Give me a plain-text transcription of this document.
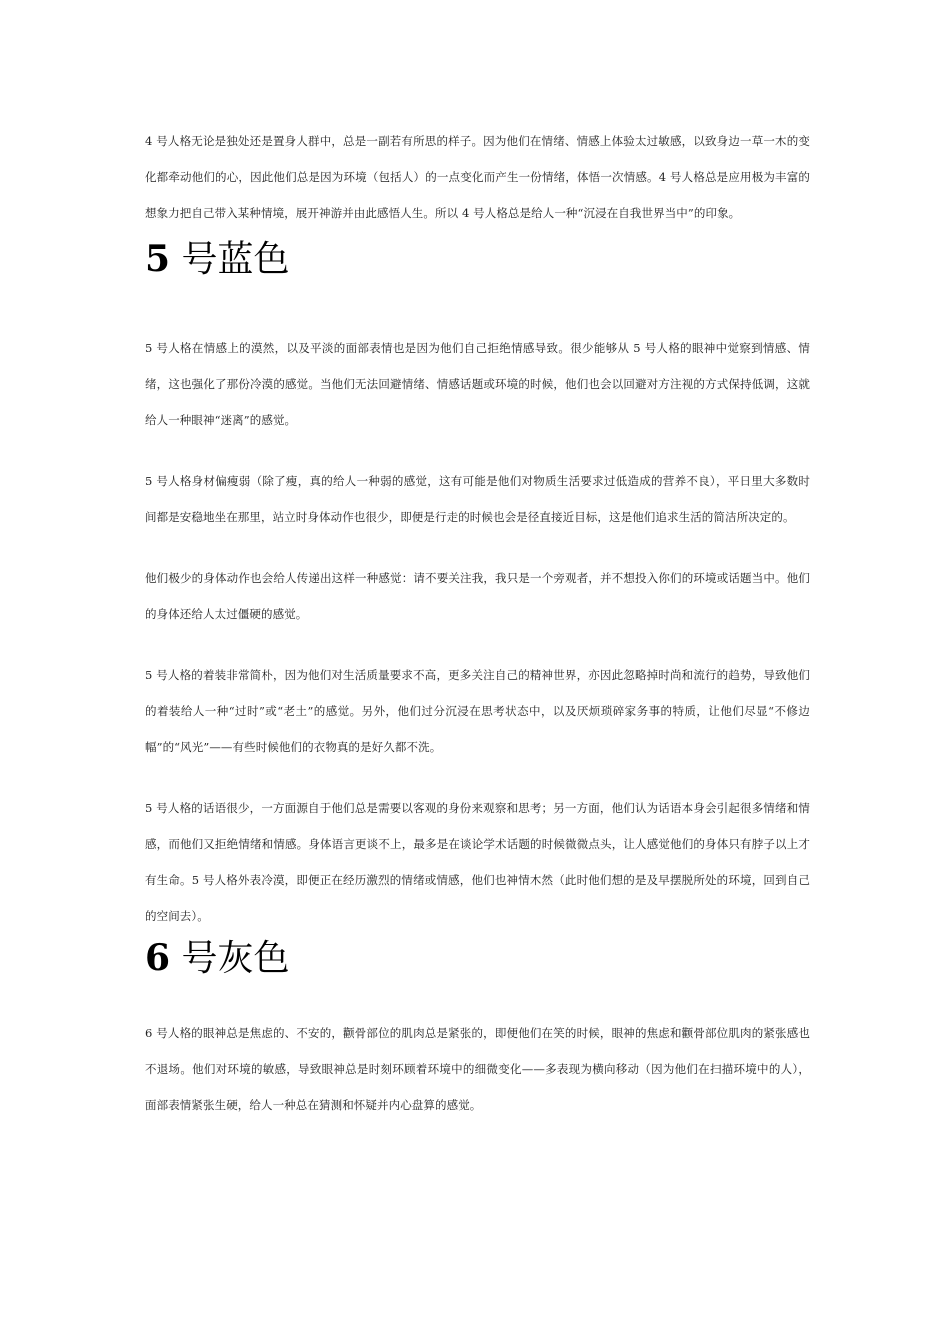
4 号人格无论是独处还是置身人群中，总是一副若有所思的样子。因为他们在情绪、情感上体验太过敏感，以致身边一草一木的变化都牵动他们的心，因此他们总是因为环境（包括人）的一点变化而产生一份情绪，体悟一次情感。4 号人格总是应用极为丰富的想象力把自己带入某种情境，展开神游并由此感悟人生。所以 4 号人格总是给人一种“沉浸在自我世界当中”的印象。

5 号蓝色

5 号人格在情感上的漠然，以及平淡的面部表情也是因为他们自己拒绝情感导致。很少能够从 5 号人格的眼神中觉察到情感、情绪，这也强化了那份冷漠的感觉。当他们无法回避情绪、情感话题或环境的时候，他们也会以回避对方注视的方式保持低调，这就给人一种眼神“迷离”的感觉。

5 号人格身材偏瘦弱（除了瘦，真的给人一种弱的感觉，这有可能是他们对物质生活要求过低造成的营养不良），平日里大多数时间都是安稳地坐在那里，站立时身体动作也很少，即便是行走的时候也会是径直接近目标，这是他们追求生活的简洁所决定的。

他们极少的身体动作也会给人传递出这样一种感觉：请不要关注我，我只是一个旁观者，并不想投入你们的环境或话题当中。他们的身体还给人太过僵硬的感觉。

5 号人格的着装非常简朴，因为他们对生活质量要求不高，更多关注自己的精神世界，亦因此忽略掉时尚和流行的趋势，导致他们的着装给人一种“过时”或“老土”的感觉。另外，他们过分沉浸在思考状态中，以及厌烦琐碎家务事的特质，让他们尽显“不修边幅”的“风光”——有些时候他们的衣物真的是好久都不洗。

5 号人格的话语很少，一方面源自于他们总是需要以客观的身份来观察和思考；另一方面，他们认为话语本身会引起很多情绪和情感，而他们又拒绝情绪和情感。身体语言更谈不上，最多是在谈论学术话题的时候微微点头，让人感觉他们的身体只有脖子以上才有生命。5 号人格外表冷漠，即便正在经历激烈的情绪或情感，他们也神情木然（此时他们想的是及早摆脱所处的环境，回到自己的空间去）。

6 号灰色

6 号人格的眼神总是焦虑的、不安的，颧骨部位的肌肉总是紧张的，即便他们在笑的时候，眼神的焦虑和颧骨部位肌肉的紧张感也不退场。他们对环境的敏感，导致眼神总是时刻环顾着环境中的细微变化——多表现为横向移动（因为他们在扫描环境中的人），面部表情紧张生硬，给人一种总在猜测和怀疑并内心盘算的感觉。
